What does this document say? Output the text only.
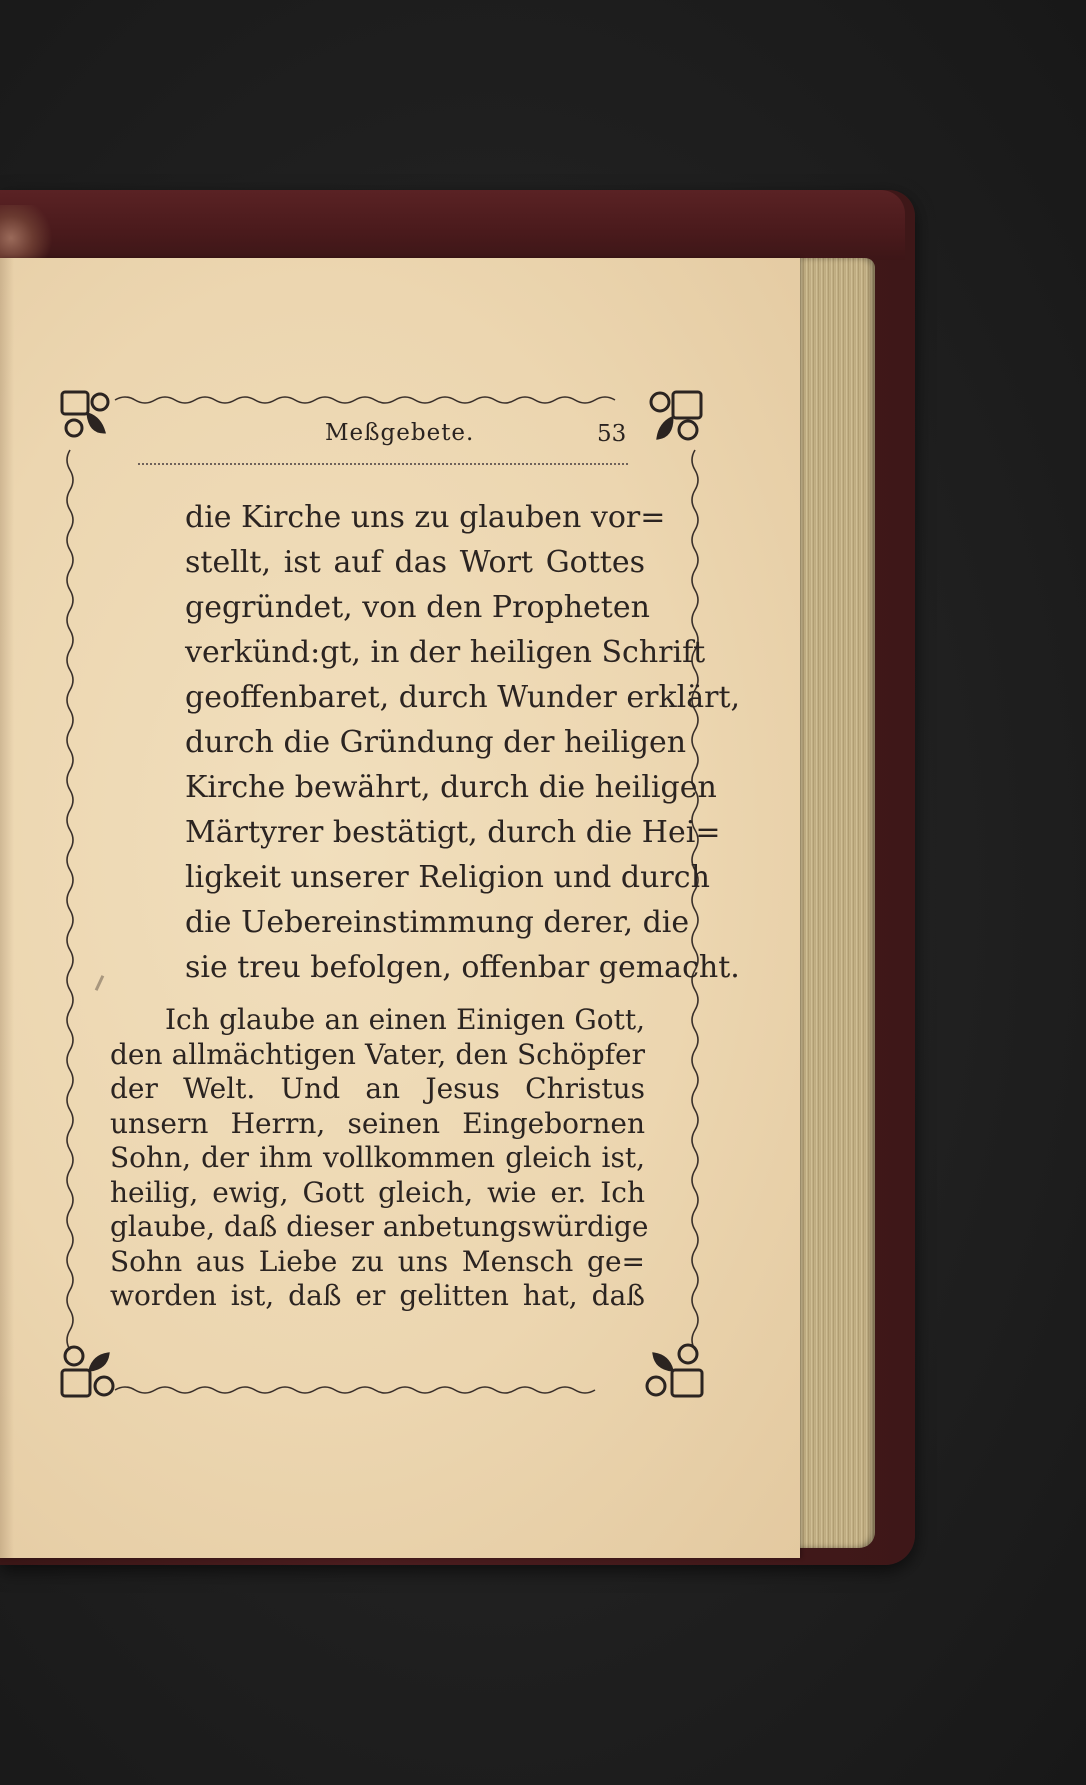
Meßgebete.	53
die Kirche uns zu glauben vor=
stellt, ist auf das Wort Gottes
gegründet, von den Propheten
verkünd:gt, in der heiligen Schrift
geoffenbaret, durch Wunder erklärt,
durch die Gründung der heiligen
Kirche bewährt, durch die heiligen
Märtyrer bestätigt, durch die Hei=
ligkeit unserer Religion und durch
die Uebereinstimmung derer, die
sie treu befolgen, offenbar gemacht.
Ich glaube an einen Einigen Gott,
den allmächtigen Vater, den Schöpfer
der Welt. Und an Jesus Christus
unsern Herrn, seinen Eingebornen
Sohn, der ihm vollkommen gleich ist,
heilig, ewig, Gott gleich, wie er. Ich
glaube, daß dieser anbetungswürdige
Sohn aus Liebe zu uns Mensch ge=
worden ist, daß er gelitten hat, daß
